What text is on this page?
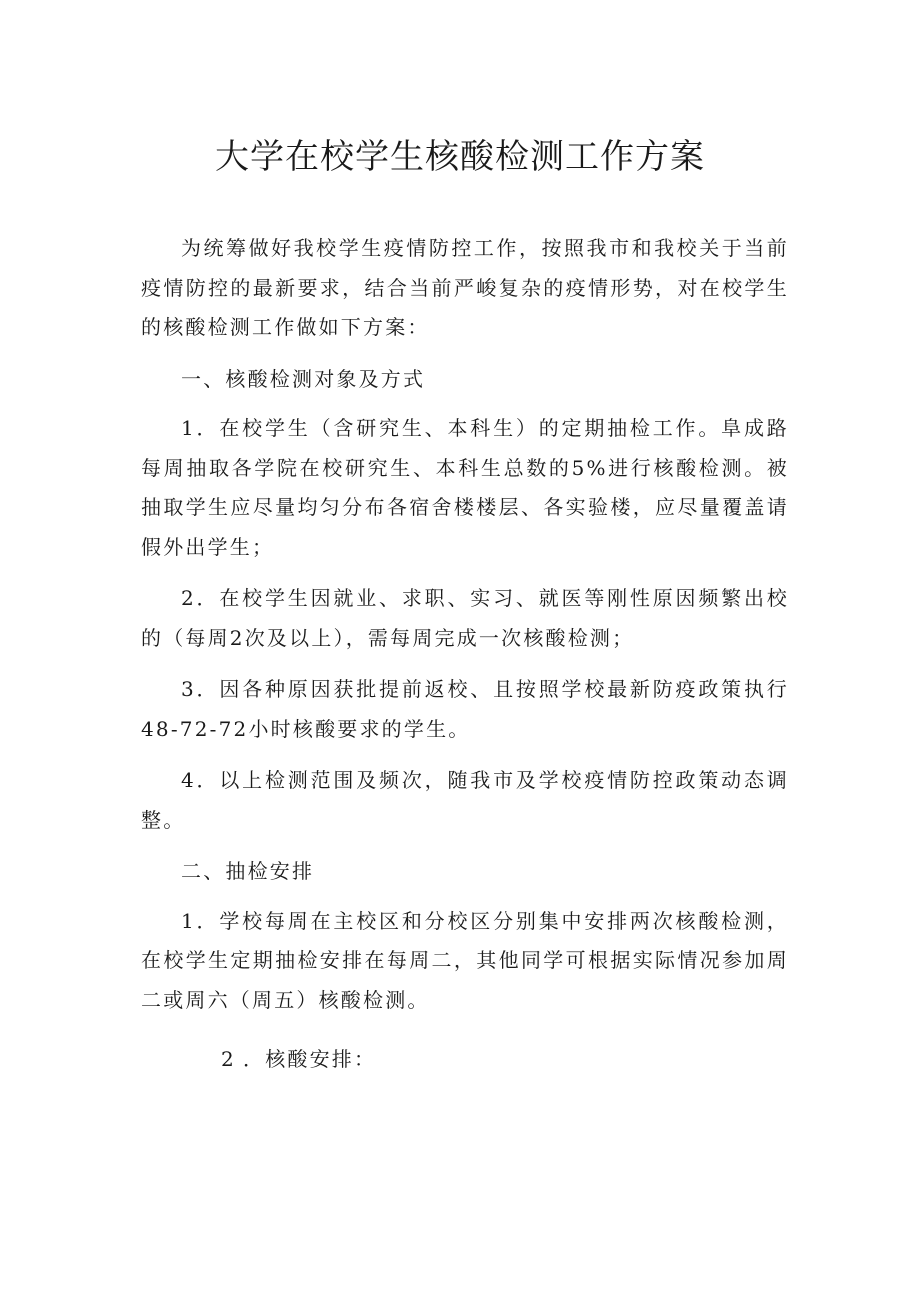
大学在校学生核酸检测工作方案

为统筹做好我校学生疫情防控工作，按照我市和我校关于当前疫情防控的最新要求，结合当前严峻复杂的疫情形势，对在校学生的核酸检测工作做如下方案：

一、核酸检测对象及方式

1．在校学生（含研究生、本科生）的定期抽检工作。阜成路每周抽取各学院在校研究生、本科生总数的5%进行核酸检测。被抽取学生应尽量均匀分布各宿舍楼楼层、各实验楼，应尽量覆盖请假外出学生；

2．在校学生因就业、求职、实习、就医等刚性原因频繁出校的（每周2次及以上），需每周完成一次核酸检测；

3．因各种原因获批提前返校、且按照学校最新防疫政策执行48-72-72小时核酸要求的学生。

4．以上检测范围及频次，随我市及学校疫情防控政策动态调整。

二、抽检安排

1．学校每周在主校区和分校区分别集中安排两次核酸检测，在校学生定期抽检安排在每周二，其他同学可根据实际情况参加周二或周六（周五）核酸检测。

2 ．核酸安排：
